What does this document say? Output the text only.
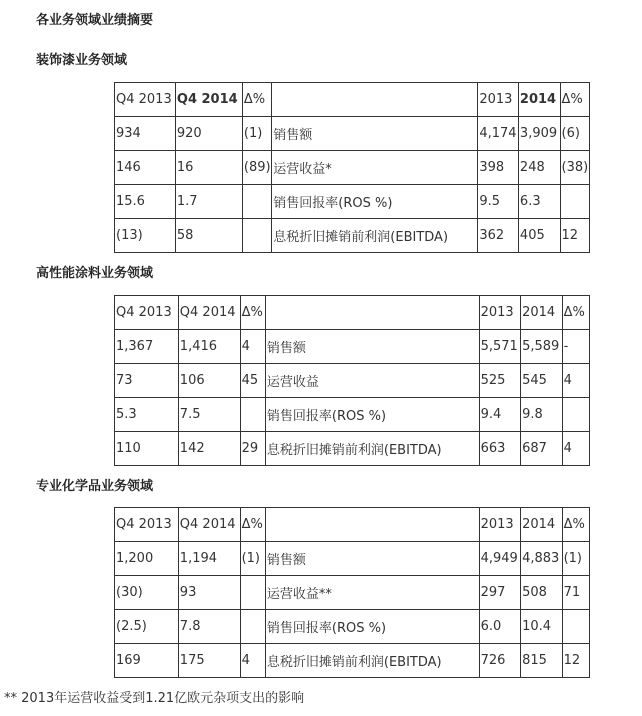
各业务领域业绩摘要
装饰漆业务领域
Q4 2013	Q4 2014	Δ%		2013	2014	Δ%
934	920	(1)	销售额	4,174	3,909	(6)
146	16	(89)	运营收益*	398	248	(38)
15.6	1.7		销售回报率(ROS %)	9.5	6.3	
(13)	58		息税折旧摊销前利润(EBITDA)	362	405	12
高性能涂料业务领域
Q4 2013	Q4 2014	Δ%		2013	2014	Δ%
1,367	1,416	4	销售额	5,571	5,589	-
73	106	45	运营收益	525	545	4
5.3	7.5		销售回报率(ROS %)	9.4	9.8	
110	142	29	息税折旧摊销前利润(EBITDA)	663	687	4
专业化学品业务领域
Q4 2013	Q4 2014	Δ%		2013	2014	Δ%
1,200	1,194	(1)	销售额	4,949	4,883	(1)
(30)	93		运营收益**	297	508	71
(2.5)	7.8		销售回报率(ROS %)	6.0	10.4	
169	175	4	息税折旧摊销前利润(EBITDA)	726	815	12
** 2013年运营收益受到1.21亿欧元杂项支出的影响
